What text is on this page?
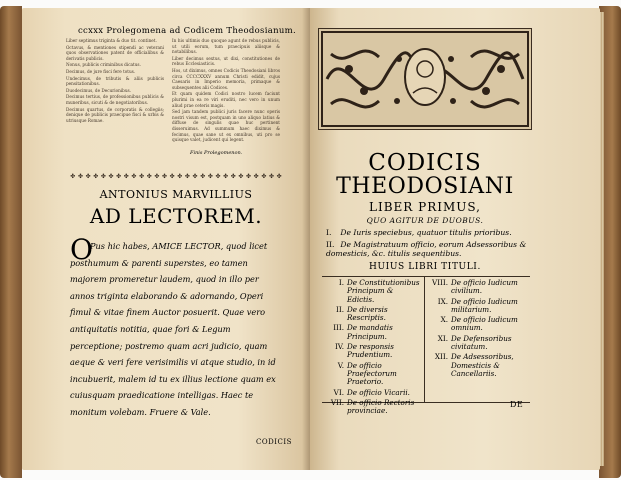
ccxxx Prolegomena ad Codicem Theodosianum.

Liber septimus triginta & duo tit. continet.

Octavus, & mentiones stipendi ac veterani quos observationes patent de officialibus & derivatis publicis.

Nonus, publicis criminibus dicatus.

Decimus, de jure fisci fere totus.

Undecimus, de tributis & aliis publicis pensitationibus.

Duodecimus, de Decurionibus.

Decimus tertius, de professionibus publicis & muneribus, sicuti & de negotiatoribus.

Decimus quartus, de corporatis & collegiis; denique de publicis praecipue fisci & urbis & utriusque Romae.

In his ultimis duo quoque agunt de rebus publicis, ut utili eorum, tum praecipuis aliisque & notabilibus.

Liber decimus sextus, ut dixi, constitutiones de rebus Ecclesiasticis.

Hos, ut diximus, omnes Codicis Theodosiani libros circa CCCCXXXV annum Christi edidit, cujus Caesaris in Imperio memoria, primaque & subsequentes alii Codices.

Et quam quidem Codici nostro lucem faciunt plurimi in ea re viri eruditi, nec vero in unum aliud prae ceteris magis.

Sed jam tandem publici juris facere nunc operis nostri visum est, postquam in uno aliquo latius & diffuse de singulis quae huc pertinent disseruimus. Ad summum haec diximus & fecimus, quae sane ut ex omnibus, uti pro se quisque valet, judicent qui legent.

Finis Prolegomenon.
✤ ✤ ✤ ✤ ✤ ✤ ✤ ✤ ✤ ✤ ✤ ✤ ✤ ✤ ✤ ✤ ✤ ✤ ✤ ✤ ✤ ✤ ✤ ✤ ✤ ✤ ✤ ✤
ANTONIUS MARVILLIUS
AD LECTOREM.
O
Pus hic habes, AMICE LECTOR, quod licet posthumum & parenti superstes, eo tamen majorem promeretur laudem, quod in illo per annos triginta elaborando & adornando, Operi fimul & vitae finem Auctor posuerit. Quae vero antiquitatis notitia, quae fori & Legum perceptione; postremo quam acri judicio, quam aeque & veri fere verisimilis vi atque studio, in id incubuerit, malem id tu ex illius lectione quam ex cuiusquam praedicatione intelligas. Haec te monitum volebam. Fruere & Vale.
CODICIS
CODICIS
THEODOSIANI
LIBER PRIMUS,
QUO AGITUR DE DUOBUS.
I. De Iuris speciebus, quatuor titulis prioribus.
II. De Magistratuum officio, eorum Adsessoribus & domesticis, &c. titulis sequentibus.
HUIUS LIBRI TITULI.
I. De Constitutionibus Principum & Edictis.
II. De diversis Rescriptis.
III. De mandatis Principum.
IV. De responsis Prudentium.
V. De officio Praefectorum Praetorio.
VI. De officio Vicarii.
VII. De officio Rectoris provinciae.
VIII. De officio Iudicum civilium.
IX. De officio Iudicum militarium.
X. De officio Iudicum omnium.
XI. De Defensoribus civitatum.
XII. De Adsessoribus, Domesticis & Cancellariis.
DE
